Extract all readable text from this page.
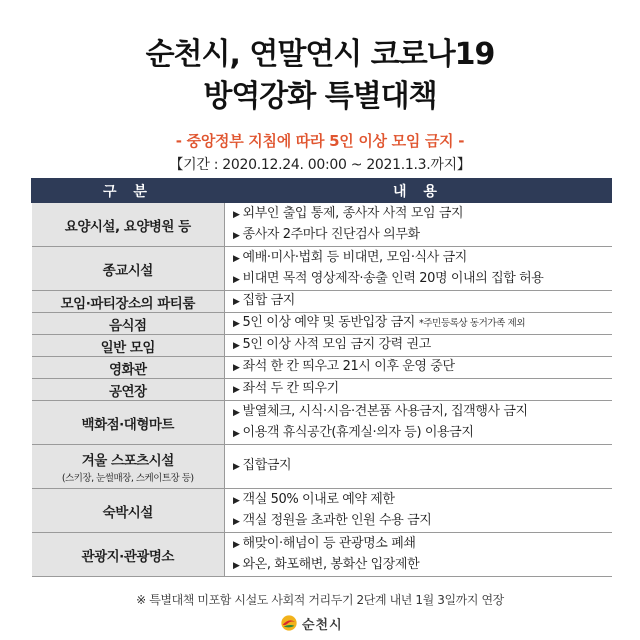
순천시, 연말연시 코로나19
방역강화 특별대책
- 중앙정부 지침에 따라 5인 이상 모임 금지 -
【기간 : 2020.12.24. 00:00 ~ 2021.1.3.까지】
구 분	내 용
요양시설, 요양병원 등	▶ 외부인 출입 통제, 종사자 사적 모임 금지
▶ 종사자 2주마다 진단검사 의무화

종교시설	▶ 예배·미사·법회 등 비대면, 모임·식사 금지
▶ 비대면 목적 영상제작·송출 인력 20명 이내의 집합 허용

모임·파티장소의 파티룸	▶ 집합 금지

음식점	▶ 5인 이상 예약 및 동반입장 금지 *주민등록상 동거가족 제외

일반 모임	▶ 5인 이상 사적 모임 금지 강력 권고

영화관	▶ 좌석 한 칸 띄우고 21시 이후 운영 중단

공연장	▶ 좌석 두 칸 띄우기

백화점·대형마트	▶ 발열체크, 시식·시음·견본품 사용금지, 집객행사 금지
▶ 이용객 휴식공간(휴게실·의자 등) 이용금지

겨울 스포츠시설
(스키장, 눈썰매장, 스케이트장 등)	▶ 집합금지

숙박시설	▶ 객실 50% 이내로 예약 제한
▶ 객실 정원을 초과한 인원 수용 금지

관광지·관광명소	▶ 해맞이·해넘이 등 관광명소 폐쇄
▶ 와온, 화포해변, 봉화산 입장제한
※ 특별대책 미포함 시설도 사회적 거리두기 2단계 내년 1월 3일까지 연장
순천시
